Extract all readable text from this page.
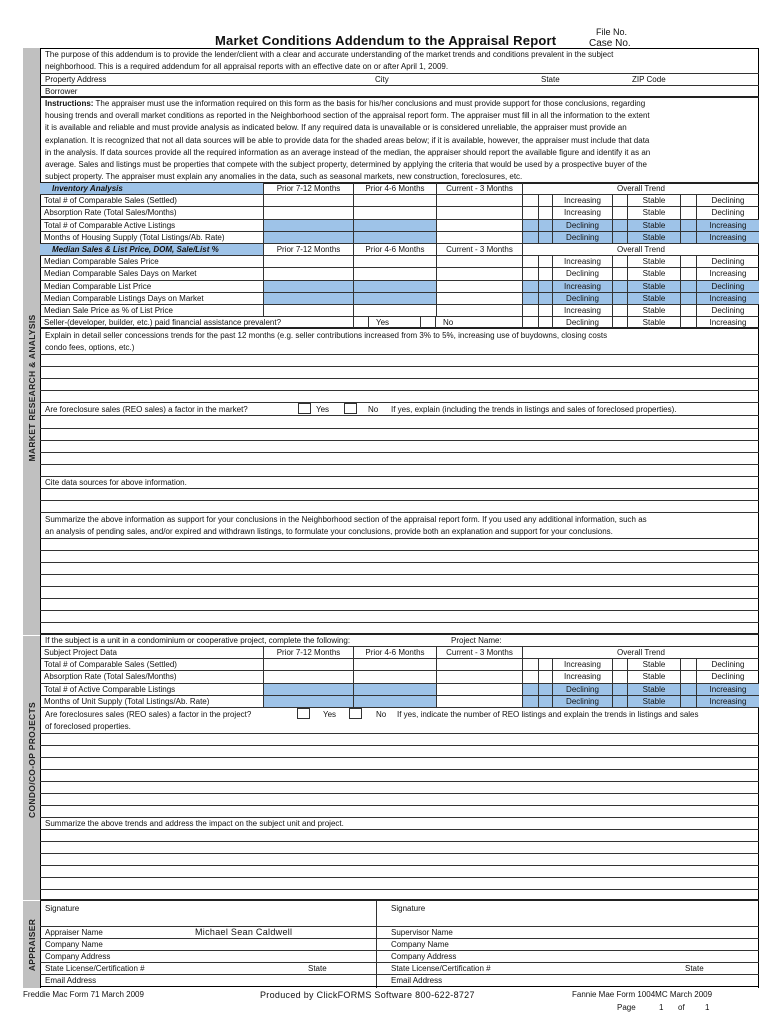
Market Conditions Addendum to the Appraisal Report
File No.
Case No.
MARKET RESEARCH & ANALYSIS
CONDO/CO-OP PROJECTS
APPRAISER
The purpose of this addendum is to provide the lender/client with a clear and accurate understanding of the market trends and conditions prevalent in the subject
neighborhood. This is a required addendum for all appraisal reports with an effective date on or after April 1, 2009.
Property Address	City	State	ZIP Code
Borrower
Instructions: The appraiser must use the information required on this form as the basis for his/her conclusions and must provide support for those conclusions, regarding
housing trends and overall market conditions as reported in the Neighborhood section of the appraisal report form. The appraiser must fill in all the information to the extent
it is available and reliable and must provide analysis as indicated below. If any required data is unavailable or is considered unreliable, the appraiser must provide an
explanation. It is recognized that not all data sources will be able to provide data for the shaded areas below; if it is available, however, the appraiser must include that data
in the analysis. If data sources provide all the required information as an average instead of the median, the appraiser should report the available figure and identify it as an
average. Sales and listings must be properties that compete with the subject property, determined by applying the criteria that would be used by a prospective buyer of the
subject property. The appraiser must explain any anomalies in the data, such as seasonal markets, new construction, foreclosures, etc.
Inventory Analysis	Prior 7-12 Months	Prior 4-6 Months	Current - 3 Months	Overall Trend
Total # of Comparable Sales (Settled)	Increasing	Stable	Declining
Absorption Rate (Total Sales/Months)	Increasing	Stable	Declining
Total # of Comparable Active Listings	Declining	Stable	Increasing
Months of Housing Supply (Total Listings/Ab. Rate)	Declining	Stable	Increasing
Explain in detail seller concessions trends for the past 12 months (e.g. seller contributions increased from 3% to 5%, increasing use of buydowns, closing costs
condo fees, options, etc.)
Are foreclosure sales (REO sales) a factor in the market?	Yes	No If yes, explain (including the trends in listings and sales of foreclosed properties).
Cite data sources for above information.
Summarize the above information as support for your conclusions in the Neighborhood section of the appraisal report form. If you used any additional information, such as
an analysis of pending sales, and/or expired and withdrawn listings, to formulate your conclusions, provide both an explanation and support for your conclusions.
If the subject is a unit in a condominium or cooperative project, complete the following:	Project Name:
Subject Project Data	Prior 7-12 Months	Prior 4-6 Months	Current - 3 Months	Overall Trend
Total # of Comparable Sales (Settled)	Increasing	Stable	Declining
Absorption Rate (Total Sales/Months)	Increasing	Stable	Declining
Total # of Active Comparable Listings	Declining	Stable	Increasing
Months of Unit Supply (Total Listings/Ab. Rate)	Declining	Stable	Increasing
Are foreclosures sales (REO sales) a factor in the project?	Yes	No If yes, indicate the number of REO listings and explain the trends in listings and sales
of foreclosed properties.
Summarize the above trends and address the impact on the subject unit and project.
Signature	Signature
Appraiser Name	Michael Sean Caldwell	Supervisor Name
Company Name	Company Name
Company Address	Company Address
State License/Certification #	State	State License/Certification #	State
Email Address	Email Address
Freddie Mac Form 71 March 2009	Produced by ClickFORMS Software 800-622-8727	Fannie Mae Form 1004MC March 2009
Page	1 of	1
Median Sales & List Price, DOM, Sale/List %	Prior 7-12 Months	Prior 4-6 Months	Current - 3 Months	Overall Trend
Median Comparable Sales Price	Increasing	Stable	Declining
Median Comparable Sales Days on Market	Declining	Stable	Increasing
Median Comparable List Price	Increasing	Stable	Declining
Median Comparable Listings Days on Market	Declining	Stable	Increasing
Median Sale Price as % of List Price	Increasing	Stable	Declining
Seller-(developer, builder, etc.) paid financial assistance prevalent?	Yes	No	Declining	Stable	Increasing
